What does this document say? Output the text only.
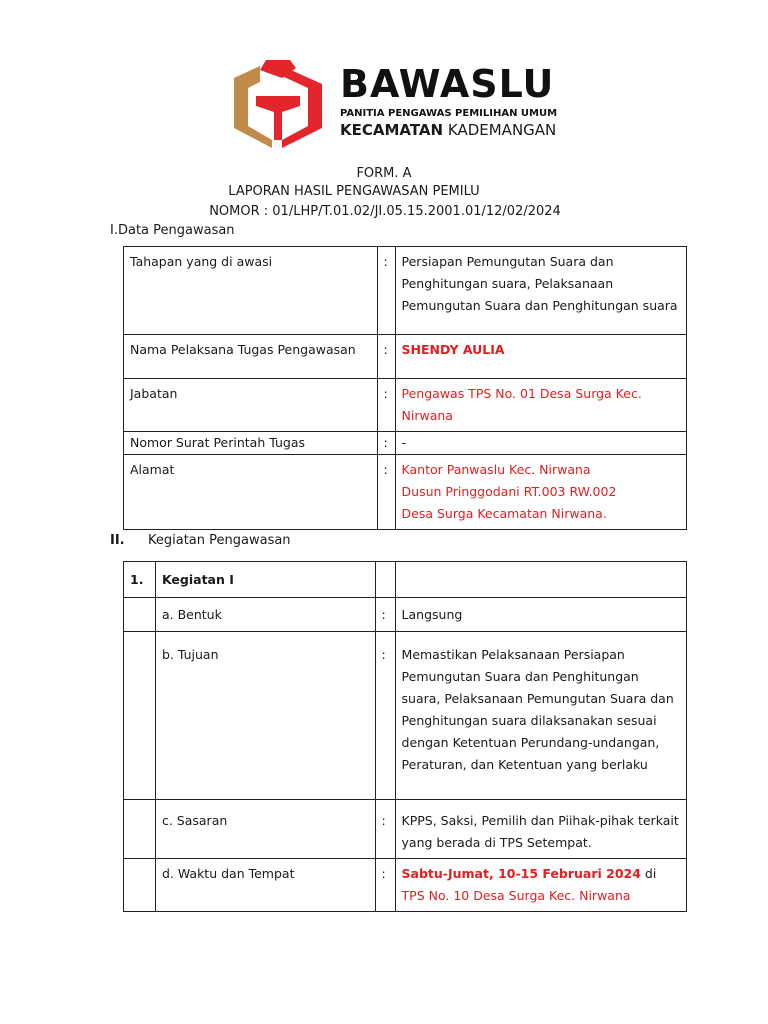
BAWASLU
PANITIA PENGAWAS PEMILIHAN UMUM
KECAMATAN KADEMANGAN
FORM. A
LAPORAN HASIL PENGAWASAN PEMILU
NOMOR : 01/LHP/T.01.02/JI.05.15.2001.01/12/02/2024
I.Data Pengawasan
Tahapan yang di awasi	:	Persiapan Pemungutan Suara dan Penghitungan suara, Pelaksanaan Pemungutan Suara dan Penghitungan suara
Nama Pelaksana Tugas Pengawasan	:	SHENDY AULIA
Jabatan	:	Pengawas TPS No. 01 Desa Surga Kec. Nirwana
Nomor Surat Perintah Tugas	:	-
Alamat	:	Kantor Panwaslu Kec. Nirwana
Dusun Pringgodani RT.003 RW.002
Desa Surga Kecamatan Nirwana.
II. Kegiatan Pengawasan
1.	Kegiatan I		
	a. Bentuk	:	Langsung
	b. Tujuan	:	Memastikan Pelaksanaan Persiapan Pemungutan Suara dan Penghitungan suara, Pelaksanaan Pemungutan Suara dan Penghitungan suara dilaksanakan sesuai dengan Ketentuan Perundang-undangan, Peraturan, dan Ketentuan yang berlaku
	c. Sasaran	:	KPPS, Saksi, Pemilih dan Piihak-pihak terkait yang berada di TPS Setempat.
	d. Waktu dan Tempat	:	Sabtu-Jumat, 10-15 Februari 2024 di
TPS No. 10 Desa Surga Kec. Nirwana
